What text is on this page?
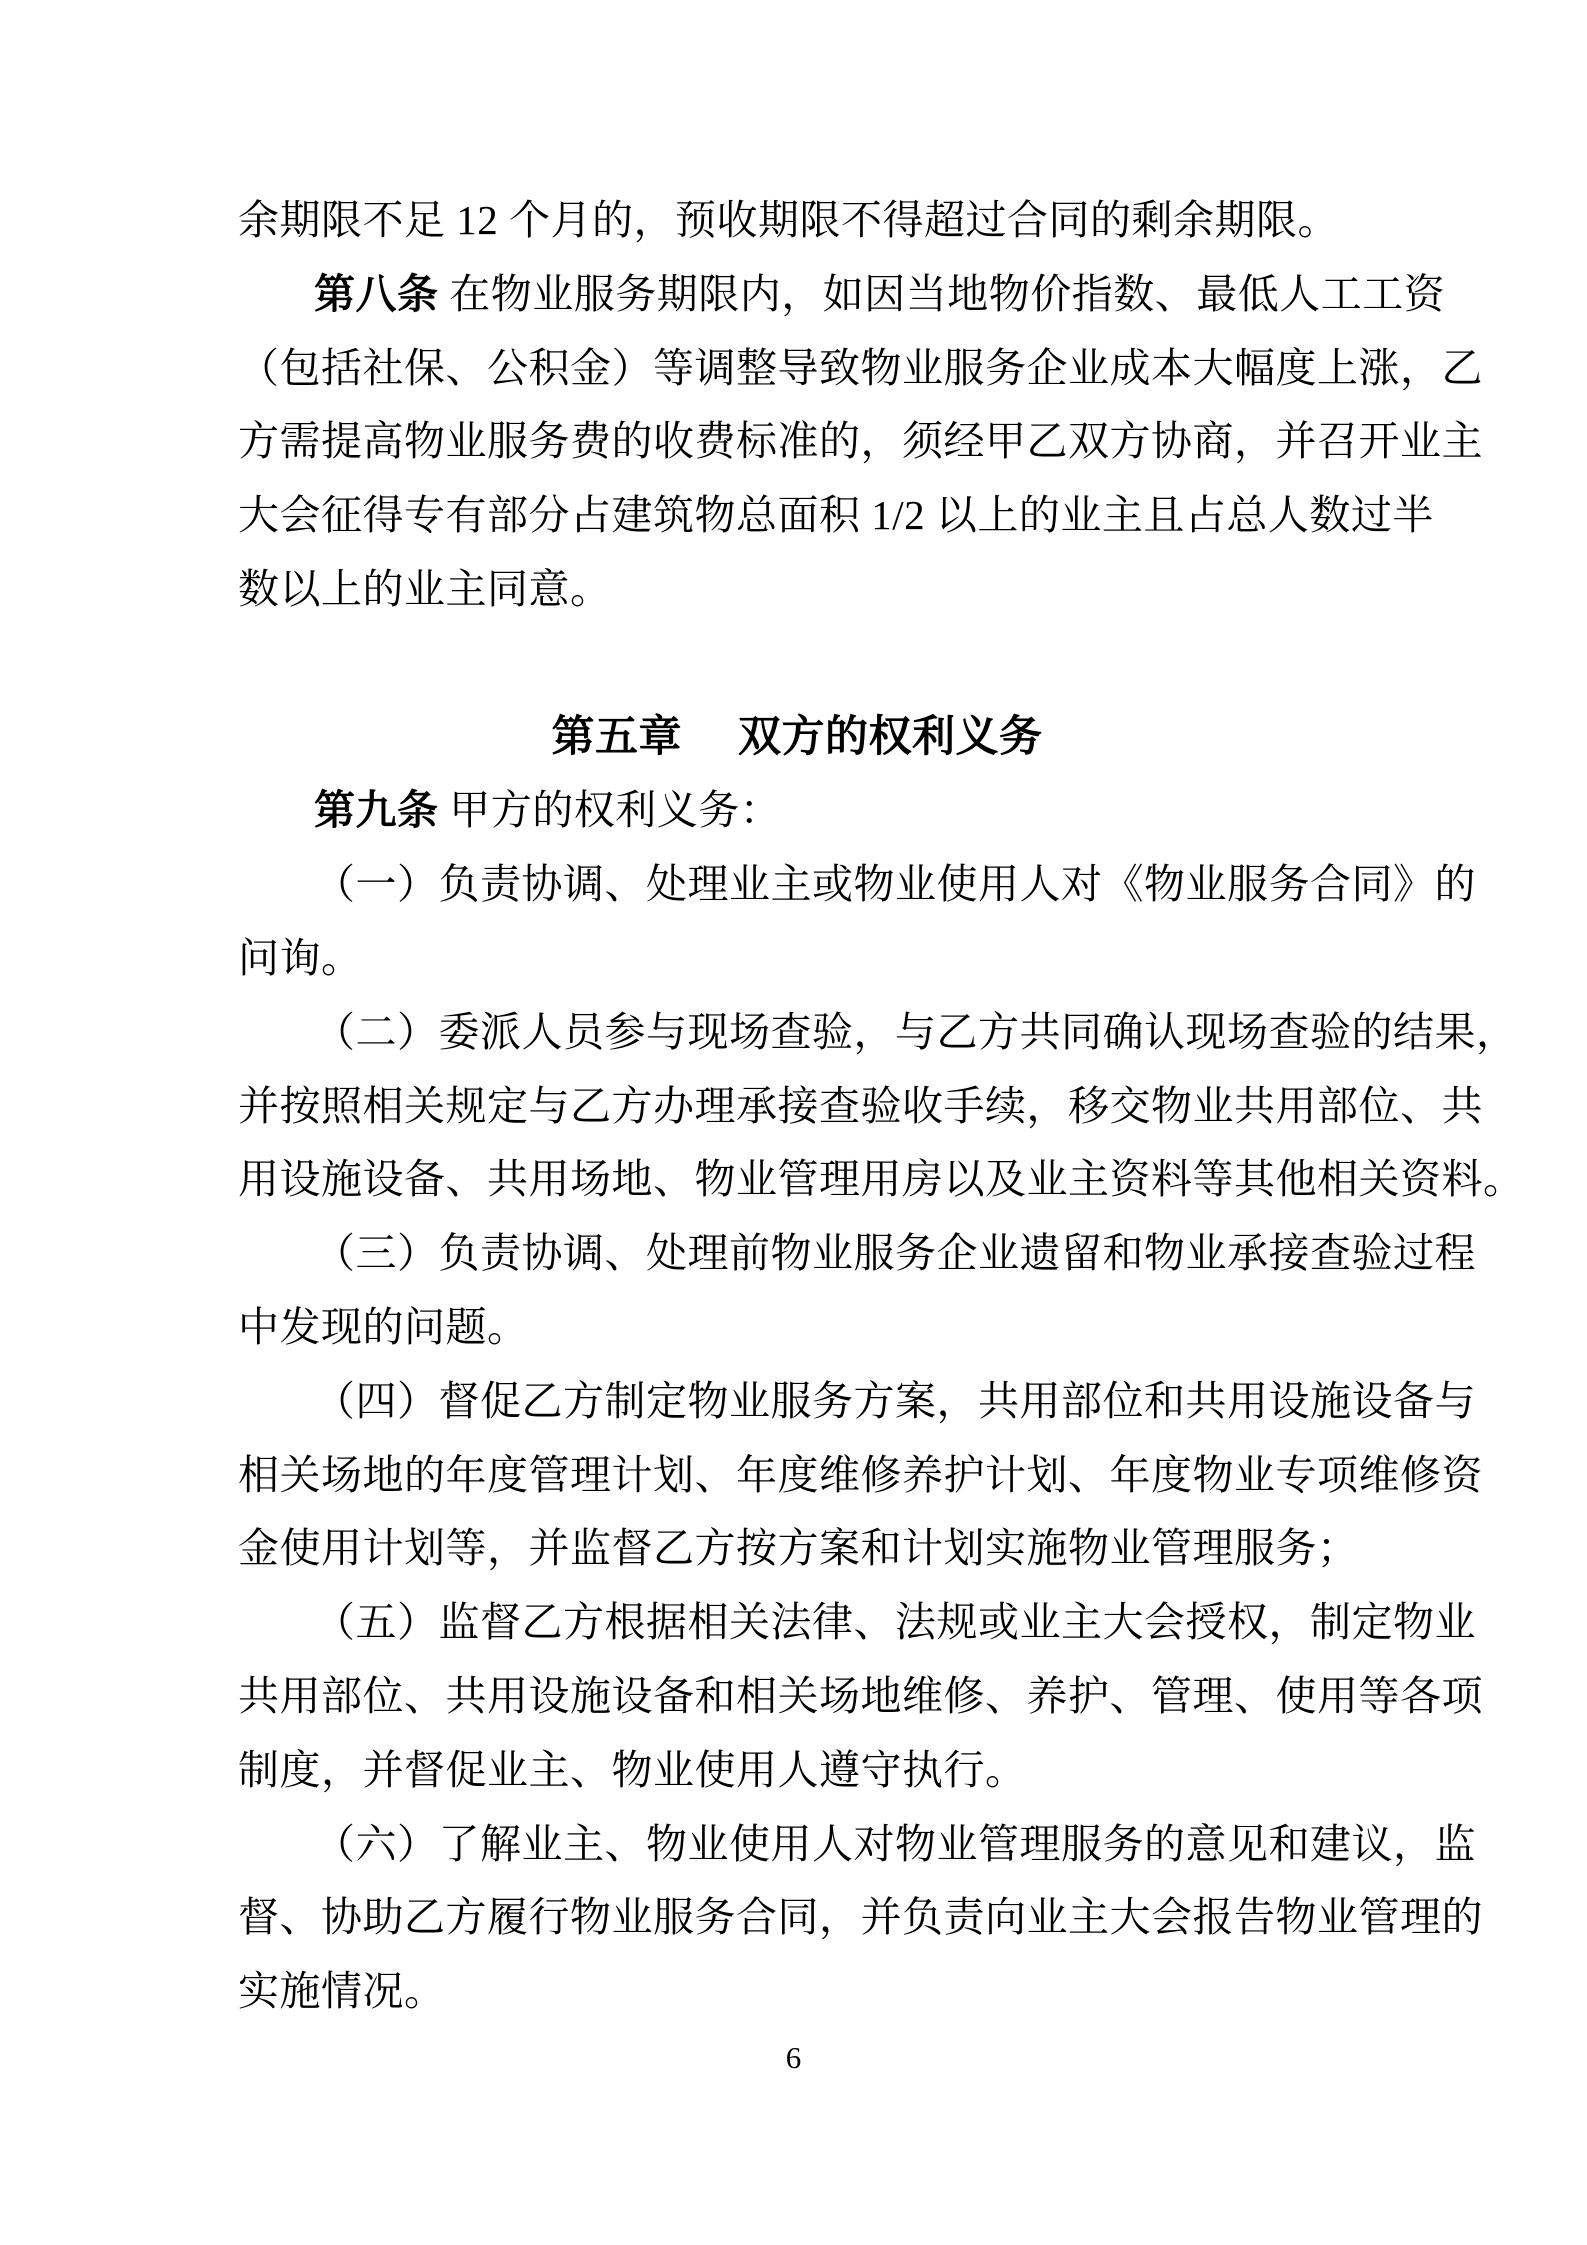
余期限不足 12 个月的，预收期限不得超过合同的剩余期限。
第八条 在物业服务期限内，如因当地物价指数、最低人工工资
（包括社保、公积金）等调整导致物业服务企业成本大幅度上涨，乙
方需提高物业服务费的收费标准的，须经甲乙双方协商，并召开业主
大会征得专有部分占建筑物总面积 1/2 以上的业主且占总人数过半
数以上的业主同意。
第五章 双方的权利义务
第九条 甲方的权利义务：
（一）负责协调、处理业主或物业使用人对《物业服务合同》的
问询。
（二）委派人员参与现场查验，与乙方共同确认现场查验的结果，
并按照相关规定与乙方办理承接查验收手续，移交物业共用部位、共
用设施设备、共用场地、物业管理用房以及业主资料等其他相关资料。
（三）负责协调、处理前物业服务企业遗留和物业承接查验过程
中发现的问题。
（四）督促乙方制定物业服务方案，共用部位和共用设施设备与
相关场地的年度管理计划、年度维修养护计划、年度物业专项维修资
金使用计划等，并监督乙方按方案和计划实施物业管理服务；
（五）监督乙方根据相关法律、法规或业主大会授权，制定物业
共用部位、共用设施设备和相关场地维修、养护、管理、使用等各项
制度，并督促业主、物业使用人遵守执行。
（六）了解业主、物业使用人对物业管理服务的意见和建议，监
督、协助乙方履行物业服务合同，并负责向业主大会报告物业管理的
实施情况。
6
